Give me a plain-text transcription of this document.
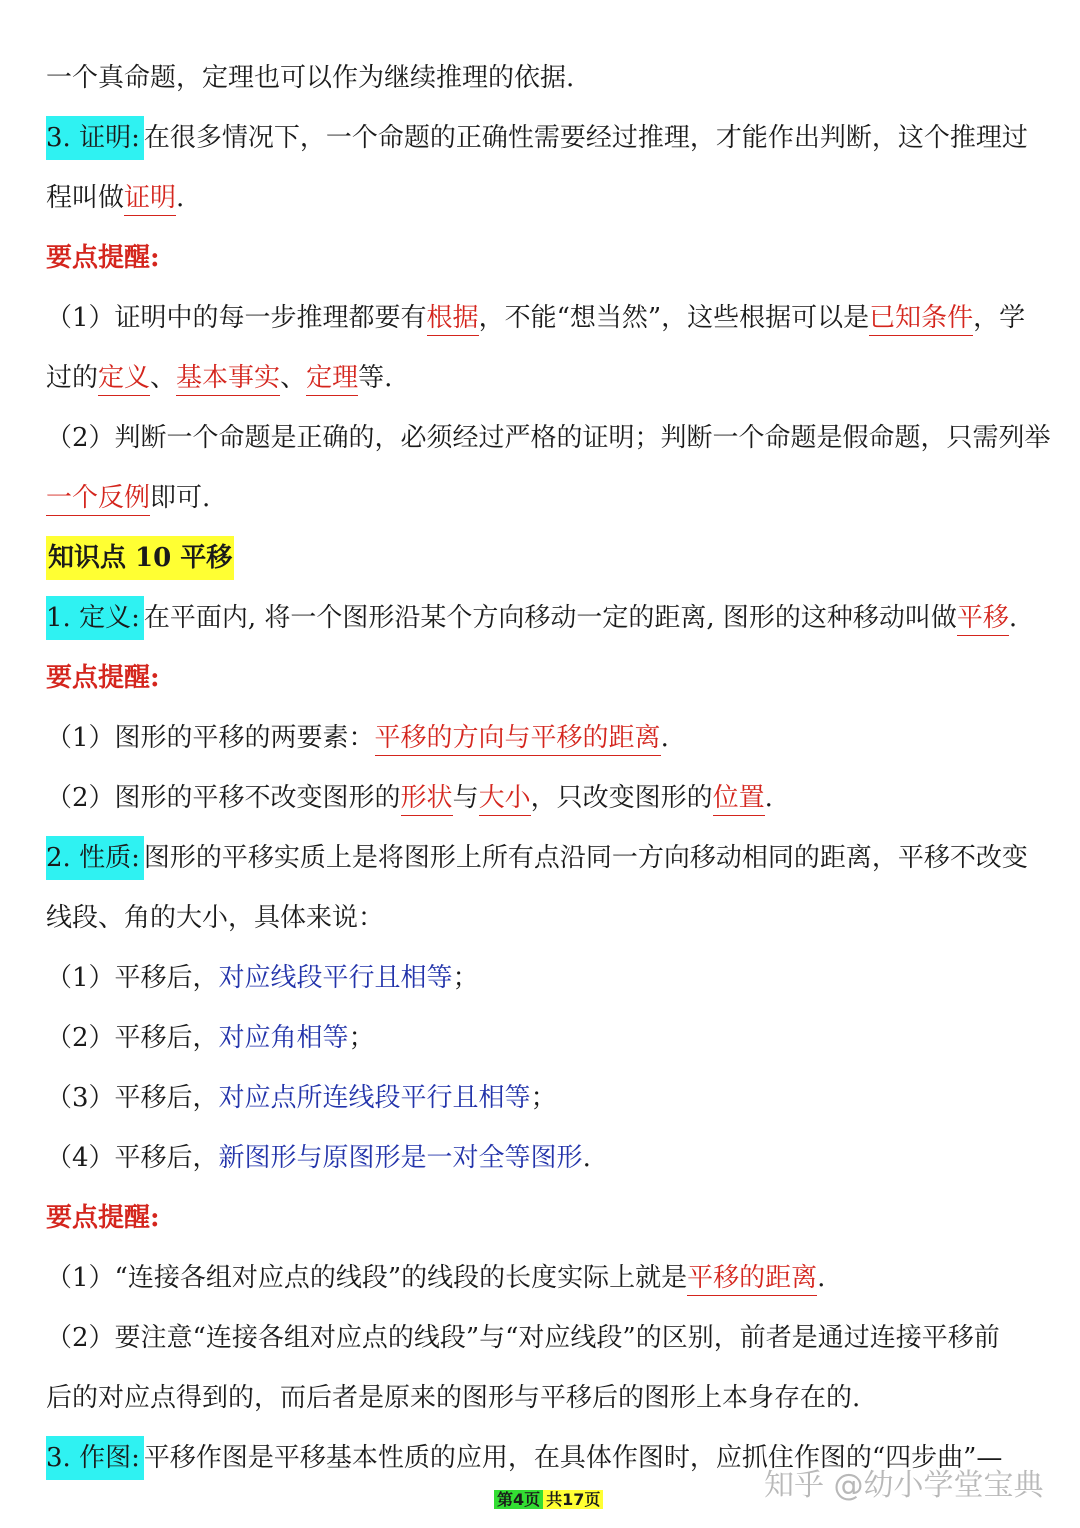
一个真命题，定理也可以作为继续推理的依据.
3. 证明: 在很多情况下，一个命题的正确性需要经过推理，才能作出判断，这个推理过
程叫做证明.
要点提醒:
（1）证明中的每一步推理都要有根据，不能“想当然”，这些根据可以是已知条件，学
过的定义、基本事实、定理等.
（2）判断一个命题是正确的，必须经过严格的证明；判断一个命题是假命题，只需列举
一个反例即可.
知识点 10 平移
1. 定义: 在平面内, 将一个图形沿某个方向移动一定的距离, 图形的这种移动叫做平移.
要点提醒:
（1）图形的平移的两要素：平移的方向与平移的距离.
（2）图形的平移不改变图形的形状与大小，只改变图形的位置.
2. 性质: 图形的平移实质上是将图形上所有点沿同一方向移动相同的距离，平移不改变
线段、角的大小，具体来说：
（1）平移后，对应线段平行且相等；
（2）平移后，对应角相等；
（3）平移后，对应点所连线段平行且相等；
（4）平移后，新图形与原图形是一对全等图形.
要点提醒:
（1）“连接各组对应点的线段”的线段的长度实际上就是平移的距离.
（2）要注意“连接各组对应点的线段”与“对应线段”的区别，前者是通过连接平移前
后的对应点得到的，而后者是原来的图形与平移后的图形上本身存在的.
3. 作图: 平移作图是平移基本性质的应用，在具体作图时，应抓住作图的“四步曲”—
知乎 @幼小学堂宝典
第4页 共17页
